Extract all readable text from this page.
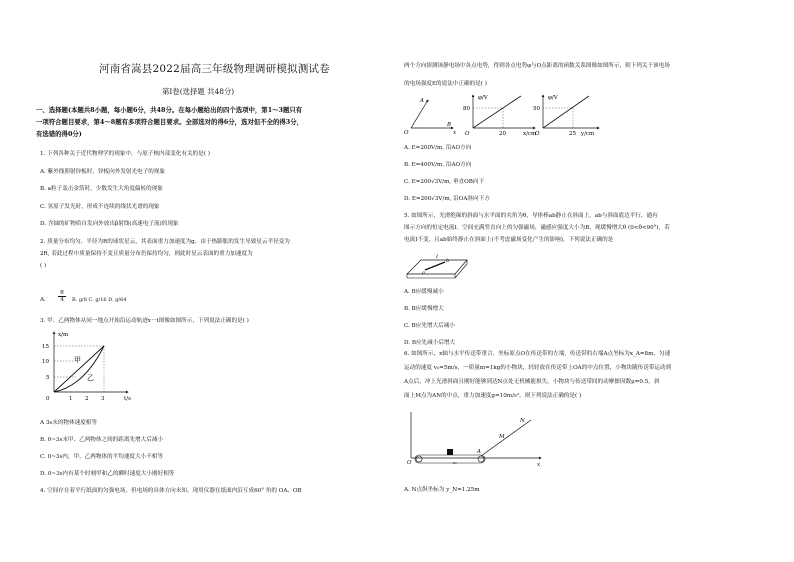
河南省嵩县2022届高三年级物理调研模拟测试卷
第Ⅰ卷(选择题 共48分)
一、选择题(本题共8小题，每小题6分，共48分。在每小题给出的四个选项中，第1～3题只有
一项符合题目要求，第4～8题有多项符合题目要求。全部选对的得6分，选对但不全的得3分，
有选错的得0分)
1. 下列各种关于近代物理学的现象中，与原子核内部变化有关的是( )
A. 紫外线照射锌板时，锌板向外发射光电子的现象
B. a粒子轰击金箔时，少数发生大角度偏转的现象
C. 氢原子发光时，形成不连续的线状光谱的现象
D. 含铀的矿物质自发向外放出β射线(高速电子流)的现象
2. 质量分布均匀、半径为R的球状星云，其表面重力加速度为g。由于热膨胀的发生导致星云半径变为
2R, 若此过程中质量保持不变且质量分布仍保持均匀，则此时星云表面的重力加速度为
( )
A.
g
4	B. g/8 C. g/16 D. g/64
3. 甲、乙两物体从同一地点开始沿运动轨迹x－t图像如图所示，下列说法正确的是( )
x/m
t/s
0
15
10
5
1 2 3
甲
乙
A 3s末的物体速度相等
B. 0~3s末甲、乙两物体之间的距离先增大后减小
C. 0~3s内，甲、乙两物体的平均速度大小不相等
D. 0~3s内有某个时刻甲和乙的瞬时速度大小刚好相等
4. 空间存在着平行纸面的匀强电场，但电场的具体方向未知。现用仪器在纸面内沿互成60° 角的 OA、OB
两个方向探测该静电场中各点电势，得到各点电势φ与O点距离的函数关系图像如图所示，则下列关于该电场
的电场强度E的说法中正确的是( )
O
A
B
x
φ/V
80
20	x/cm
O
φ/V
50
25 y/cm
O
A. E=200V/m, 沿AO方向
B. E=400V/m, 沿AO方向
C. E=200√3V/m, 垂直OB向下
D. E=200√3V/m, 沿OA斜向下方
5. 如图所示，光滑绝缘的斜面与水平面的夹角为θ，导体棒ab静止在斜面上，ab与斜面底边平行，通有
图示方向的恒定电流I。空间充满竖直向上的匀强磁场，磁感应强度大小为B，现缓慢增大θ (0<θ<90°)，若
电流I不变，且ab始终静止在斜面上(不考虑磁场变化产生的影响)，下列说法正确的是
a
b
I
A. B应缓慢减小
B. B应缓慢增大
C. B应先增大后减小
D. B应先减小后增大
6. 如图所示，x轴与水平传送带重合，坐标原点O在传送带的左端，传送带的右端A点坐标为x_A=8m，匀速
运动的速度 v₀=5m/s，一质量m=1kg的小物块，轻轻放在传送带上OA的中点位置，小物块随传送带运动到
A点后，冲上光滑斜面且刚好能够到达N点处无机械能损失。小物块与传送带间的动摩擦因数μ=0.5，斜
面上M点为AN的中点，重力加速度g=10m/s²。则下列说法正确的是( )
O
A
M
N
x
v₀
A. N点纵坐标为 y_N=1.25m
